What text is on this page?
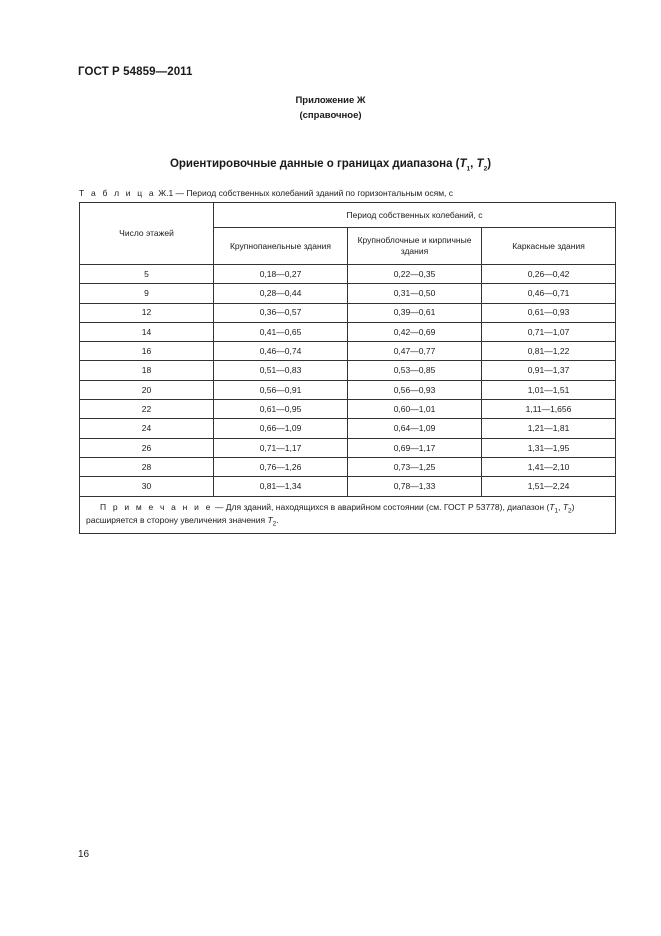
ГОСТ Р 54859—2011
Приложение Ж
(справочное)
Ориентировочные данные о границах диапазона ($T_1$, $T_2$)
Т а б л и ц а Ж.1 — Период собственных колебаний зданий по горизонтальным осям, с
Число этажей	Период собственных колебаний, с		
	Крупнопанельные здания	Крупноблочные и кирпичные здания	Каркасные здания
5	0,18—0,27	0,22—0,35	0,26—0,42
9	0,28—0,44	0,31—0,50	0,46—0,71
12	0,36—0,57	0,39—0,61	0,61—0,93
14	0,41—0,65	0,42—0,69	0,71—1,07
16	0,46—0,74	0,47—0,77	0,81—1,22
18	0,51—0,83	0,53—0,85	0,91—1,37
20	0,56—0,91	0,56—0,93	1,01—1,51
22	0,61—0,95	0,60—1,01	1,11—1,656
24	0,66—1,09	0,64—1,09	1,21—1,81
26	0,71—1,17	0,69—1,17	1,31—1,95
28	0,76—1,26	0,73—1,25	1,41—2,10
30	0,81—1,34	0,78—1,33	1,51—2,24
П р и м е ч а н и е — Для зданий, находящихся в аварийном состоянии (см. ГОСТ Р 53778), диапазон ($T_1$, $T_2$) расширяется в сторону увеличения значения $T_2$.			
16
